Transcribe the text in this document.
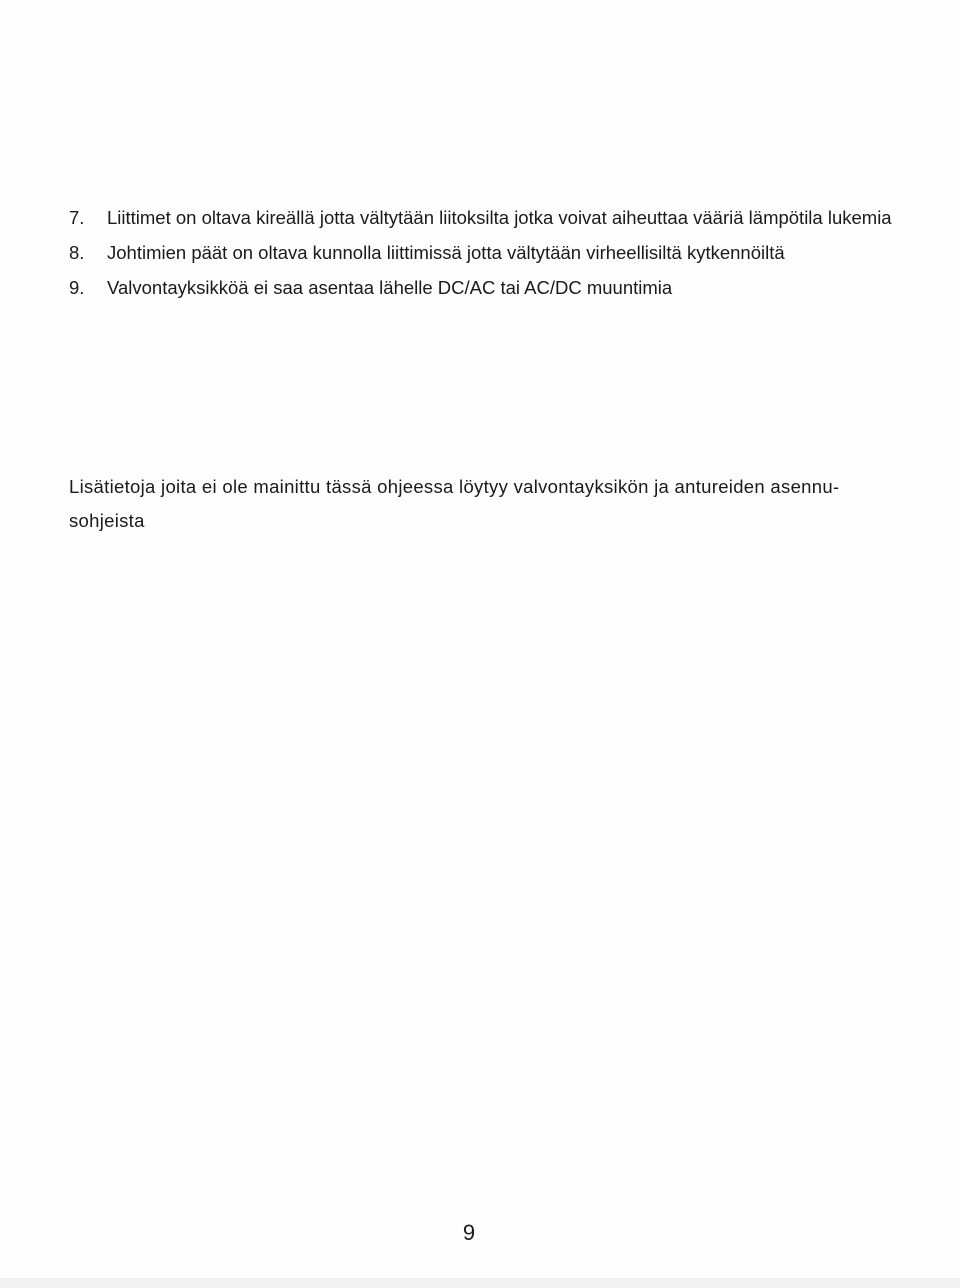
7.	Liittimet on oltava kireällä jotta vältytään liitoksilta jotka voivat aiheuttaa vääriä lämpötila lukemia
8.	Johtimien päät on oltava kunnolla liittimissä jotta vältytään virheellisiltä kytkennöiltä
9.	Valvontayksikköä ei saa asentaa lähelle DC/AC tai AC/DC muuntimia

Lisätietoja joita ei ole mainittu tässä ohjeessa löytyy valvontayksikön ja antureiden asennu-
sohjeista

9
